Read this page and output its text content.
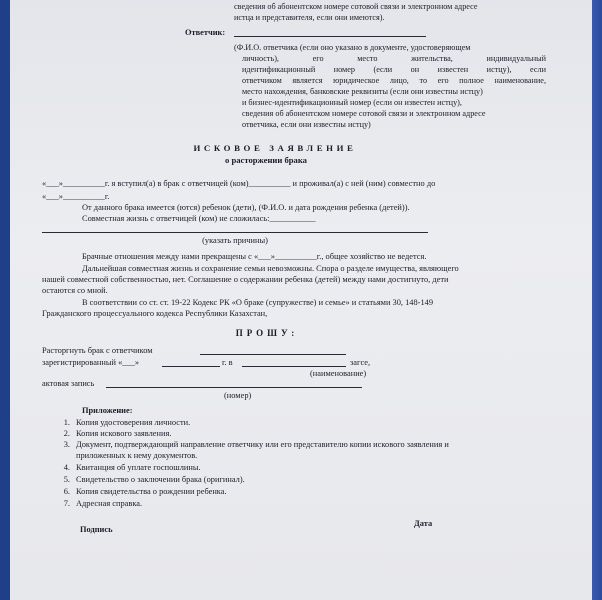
сведения об абонентском номере сотовой связи и электронном адресе
истца и представителя, если они имеются).
Ответчик:
(Ф.И.О. ответчика (если оно указано в документе, удостоверяющем
личность), его место жительства, индивидуальный
идентификационный номер (если он известен истцу), если
ответчиком является юридическое лицо, то его полное наименование,
место нахождения, банковские реквизиты (если они известны истцу)
и бизнес-идентификационный номер (если он известен истцу),
сведения об абонентском номере сотовой связи и электронном адресе
ответчика, если они известны истцу)
ИСКОВОЕ ЗАЯВЛЕНИЕ
о расторжении брака
«___»__________г. я вступил(а) в брак с ответчицей (ком)__________ и проживал(а) с ней (ним) совместно до
«___»__________г.
От данного брака имеется (ются) ребенок (дети), (Ф.И.О. и дата рождения ребенка (детей)).
Совместная жизнь с ответчицей (ком) не сложилась:___________
(указать причины)
Брачные отношения между нами прекращены с «___»__________г., общее хозяйство не ведется.
Дальнейшая совместная жизнь и сохранение семьи невозможны. Спора о разделе имущества, являющего
нашей совместной собственностью, нет. Соглашение о содержании ребенка (детей) между нами достигнуто, дети
остаются со мной.
В соответствии со ст. ст. 19-22 Кодекс РК «О браке (супружестве) и семье» и статьями 30, 148-149
Гражданского процессуального кодекса Республики Казахстан,
ПРОШУ:
Расторгнуть брак с ответчиком
зарегистрированный «___»	г. в	загсе,
(наименование)
актовая запись
(номер)
Приложение:
1. Копия удостоверения личности.
2. Копия искового заявления.
3. Документ, подтверждающий направление ответчику или его представителю копии искового заявления и
приложенных к нему документов.
4. Квитанция об уплате госпошлины.
5. Свидетельство о заключении брака (оригинал).
6. Копия свидетельства о рождении ребенка.
7. Адресная справка.
Подпись
Дата
